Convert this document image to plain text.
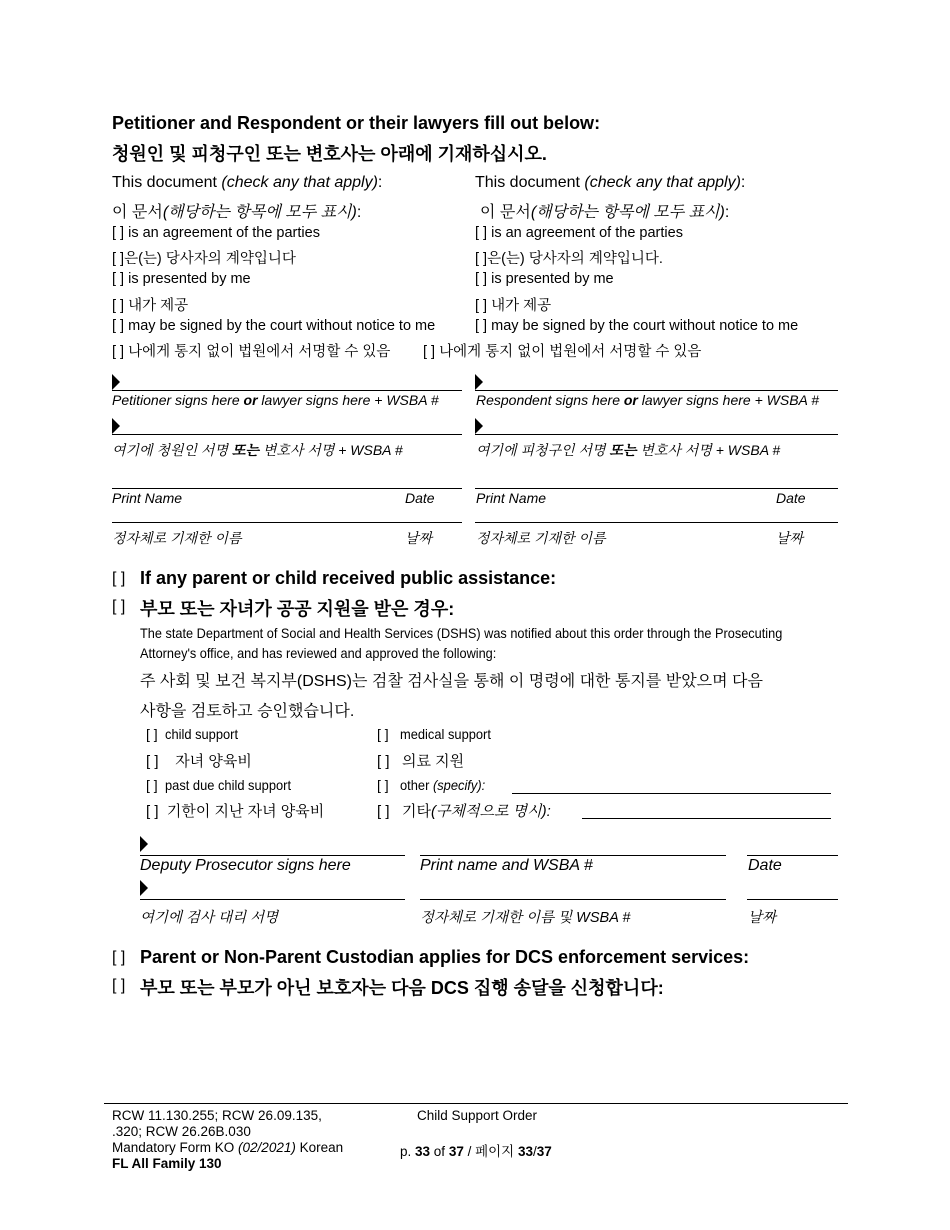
Petitioner and Respondent or their lawyers fill out below:
청원인 및 피청구인 또는 변호사는 아래에 기재하십시오.
This document (check any that apply):
이 문서(해당하는 항목에 모두 표시):
[ ] is an agreement of the parties
[ ]은(는) 당사자의 계약입니다
[ ] is presented by me
[ ] 내가 제공
[ ] may be signed by the court without notice to me
[ ] 나에게 통지 없이 법원에서 서명할 수 있음
This document (check any that apply):
이 문서(해당하는 항목에 모두 표시):
[ ] is an agreement of the parties
[ ]은(는) 당사자의 계약입니다.
[ ] is presented by me
[ ] 내가 제공
[ ] may be signed by the court without notice to me
[ ] 나에게 통지 없이 법원에서 서명할 수 있음
Petitioner signs here or lawyer signs here + WSBA #	Respondent signs here or lawyer signs here + WSBA #
여기에 청원인 서명 또는 변호사 서명 + WSBA #	여기에 피청구인 서명 또는 변호사 서명 + WSBA #
Print Name	Date	Print Name	Date
정자체로 기재한 이름	날짜	정자체로 기재한 이름	날짜
[ ] If any parent or child received public assistance:
[ ] 부모 또는 자녀가 공공 지원을 받은 경우:
The state Department of Social and Health Services (DSHS) was notified about this order through the Prosecuting
Attorney's office, and has reviewed and approved the following:
주 사회 및 보건 복지부(DSHS)는 검찰 검사실을 통해 이 명령에 대한 통지를 받았으며 다음
사항을 검토하고 승인했습니다.
[ ] child support
[ ] 자녀 양육비
[ ] past due child support
[ ] 기한이 지난 자녀 양육비
[ ] medical support
[ ] 의료 지원
[ ] other (specify):
[ ] 기타(구체적으로 명시):
Deputy Prosecutor signs here	Print name and WSBA #	Date
여기에 검사 대리 서명	정자체로 기재한 이름 및 WSBA #	날짜
[ ] Parent or Non-Parent Custodian applies for DCS enforcement services:
[ ] 부모 또는 부모가 아닌 보호자는 다음 DCS 집행 송달을 신청합니다:
RCW 11.130.255; RCW 26.09.135,
.320; RCW 26.26B.030
Mandatory Form KO (02/2021) Korean
FL All Family 130
Child Support Order
p. 33 of 37 / 페이지 33/37
